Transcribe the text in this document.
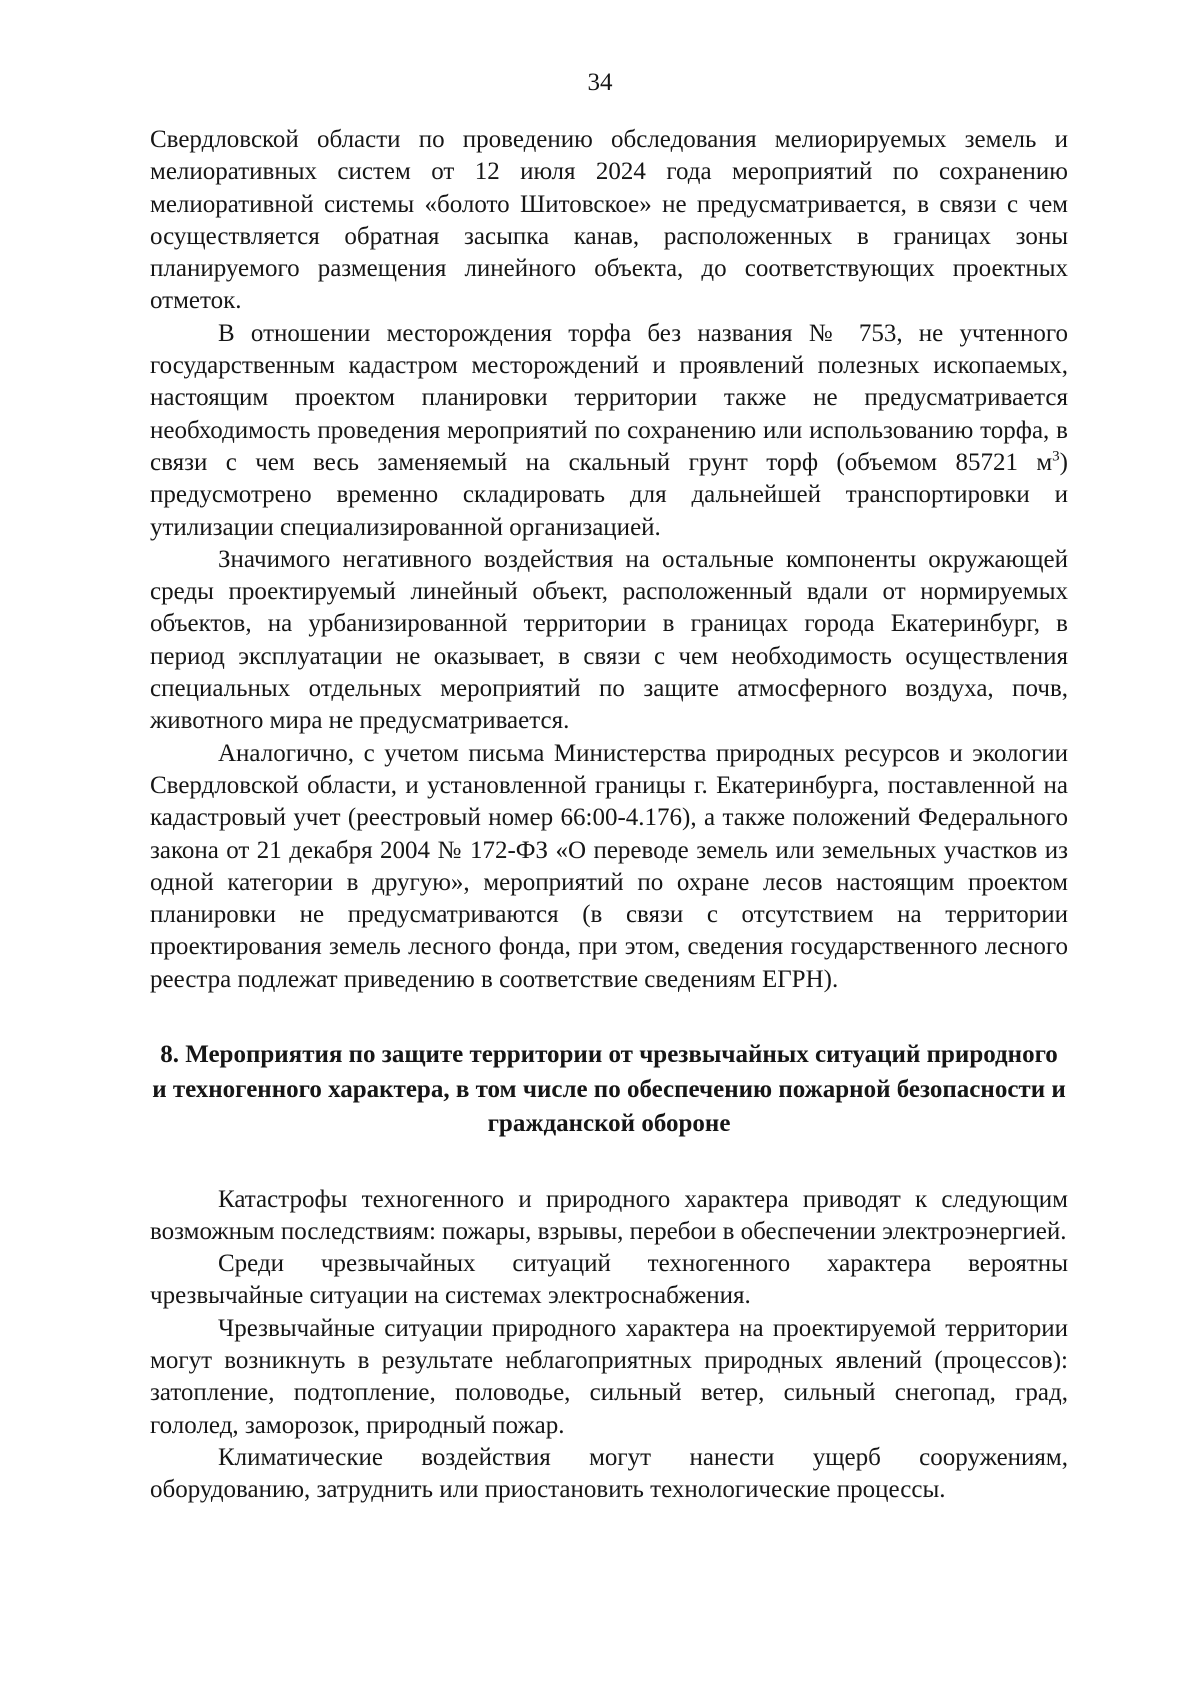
34

Свердловской области по проведению обследования мелиорируемых земель и мелиоративных систем от 12 июля 2024 года мероприятий по сохранению мелиоративной системы «болото Шитовское» не предусматривается, в связи с чем осуществляется обратная засыпка канав, расположенных в границах зоны планируемого размещения линейного объекта, до соответствующих проектных отметок.

В отношении месторождения торфа без названия № 753, не учтенного государственным кадастром месторождений и проявлений полезных ископаемых, настоящим проектом планировки территории также не предусматривается необходимость проведения мероприятий по сохранению или использованию торфа, в связи с чем весь заменяемый на скальный грунт торф (объемом 85721 $м^3$) предусмотрено временно складировать для дальнейшей транспортировки и утилизации специализированной организацией.

Значимого негативного воздействия на остальные компоненты окружающей среды проектируемый линейный объект, расположенный вдали от нормируемых объектов, на урбанизированной территории в границах города Екатеринбург, в период эксплуатации не оказывает, в связи с чем необходимость осуществления специальных отдельных мероприятий по защите атмосферного воздуха, почв, животного мира не предусматривается.

Аналогично, с учетом письма Министерства природных ресурсов и экологии Свердловской области, и установленной границы г. Екатеринбурга, поставленной на кадастровый учет (реестровый номер 66:00-4.176), а также положений Федерального закона от 21 декабря 2004 № 172-ФЗ «О переводе земель или земельных участков из одной категории в другую», мероприятий по охране лесов настоящим проектом планировки не предусматриваются (в связи с отсутствием на территории проектирования земель лесного фонда, при этом, сведения государственного лесного реестра подлежат приведению в соответствие сведениям ЕГРН).

8. Мероприятия по защите территории от чрезвычайных ситуаций природного и техногенного характера, в том числе по обеспечению пожарной безопасности и гражданской обороне

Катастрофы техногенного и природного характера приводят к следующим возможным последствиям: пожары, взрывы, перебои в обеспечении электроэнергией.

Среди чрезвычайных ситуаций техногенного характера вероятны чрезвычайные ситуации на системах электроснабжения.

Чрезвычайные ситуации природного характера на проектируемой территории могут возникнуть в результате неблагоприятных природных явлений (процессов): затопление, подтопление, половодье, сильный ветер, сильный снегопад, град, гололед, заморозок, природный пожар.

Климатические воздействия могут нанести ущерб сооружениям, оборудованию, затруднить или приостановить технологические процессы.
